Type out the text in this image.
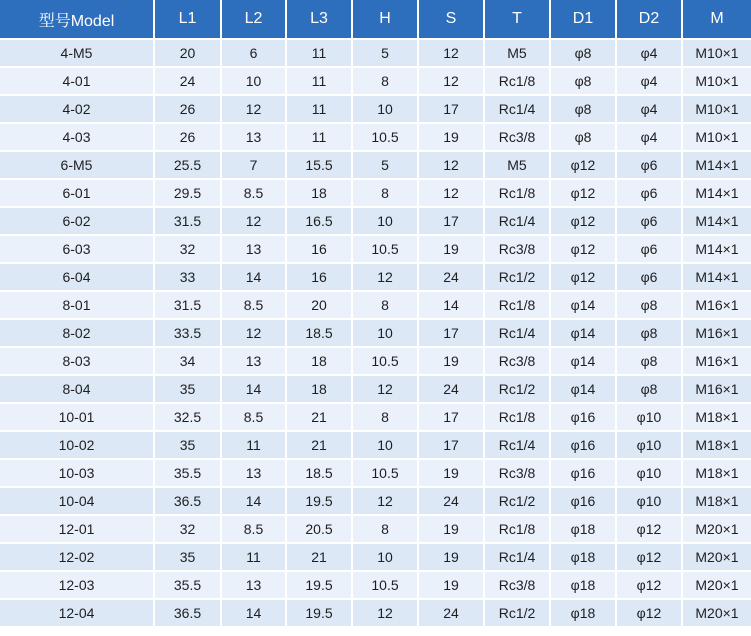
型号Model	L1	L2	L3	H	S	T	D1	D2	M
4-M5	20	6	11	5	12	M5	φ8	φ4	M10×1
4-01	24	10	11	8	12	Rc1/8	φ8	φ4	M10×1
4-02	26	12	11	10	17	Rc1/4	φ8	φ4	M10×1
4-03	26	13	11	10.5	19	Rc3/8	φ8	φ4	M10×1
6-M5	25.5	7	15.5	5	12	M5	φ12	φ6	M14×1
6-01	29.5	8.5	18	8	12	Rc1/8	φ12	φ6	M14×1
6-02	31.5	12	16.5	10	17	Rc1/4	φ12	φ6	M14×1
6-03	32	13	16	10.5	19	Rc3/8	φ12	φ6	M14×1
6-04	33	14	16	12	24	Rc1/2	φ12	φ6	M14×1
8-01	31.5	8.5	20	8	14	Rc1/8	φ14	φ8	M16×1
8-02	33.5	12	18.5	10	17	Rc1/4	φ14	φ8	M16×1
8-03	34	13	18	10.5	19	Rc3/8	φ14	φ8	M16×1
8-04	35	14	18	12	24	Rc1/2	φ14	φ8	M16×1
10-01	32.5	8.5	21	8	17	Rc1/8	φ16	φ10	M18×1
10-02	35	11	21	10	17	Rc1/4	φ16	φ10	M18×1
10-03	35.5	13	18.5	10.5	19	Rc3/8	φ16	φ10	M18×1
10-04	36.5	14	19.5	12	24	Rc1/2	φ16	φ10	M18×1
12-01	32	8.5	20.5	8	19	Rc1/8	φ18	φ12	M20×1
12-02	35	11	21	10	19	Rc1/4	φ18	φ12	M20×1
12-03	35.5	13	19.5	10.5	19	Rc3/8	φ18	φ12	M20×1
12-04	36.5	14	19.5	12	24	Rc1/2	φ18	φ12	M20×1
